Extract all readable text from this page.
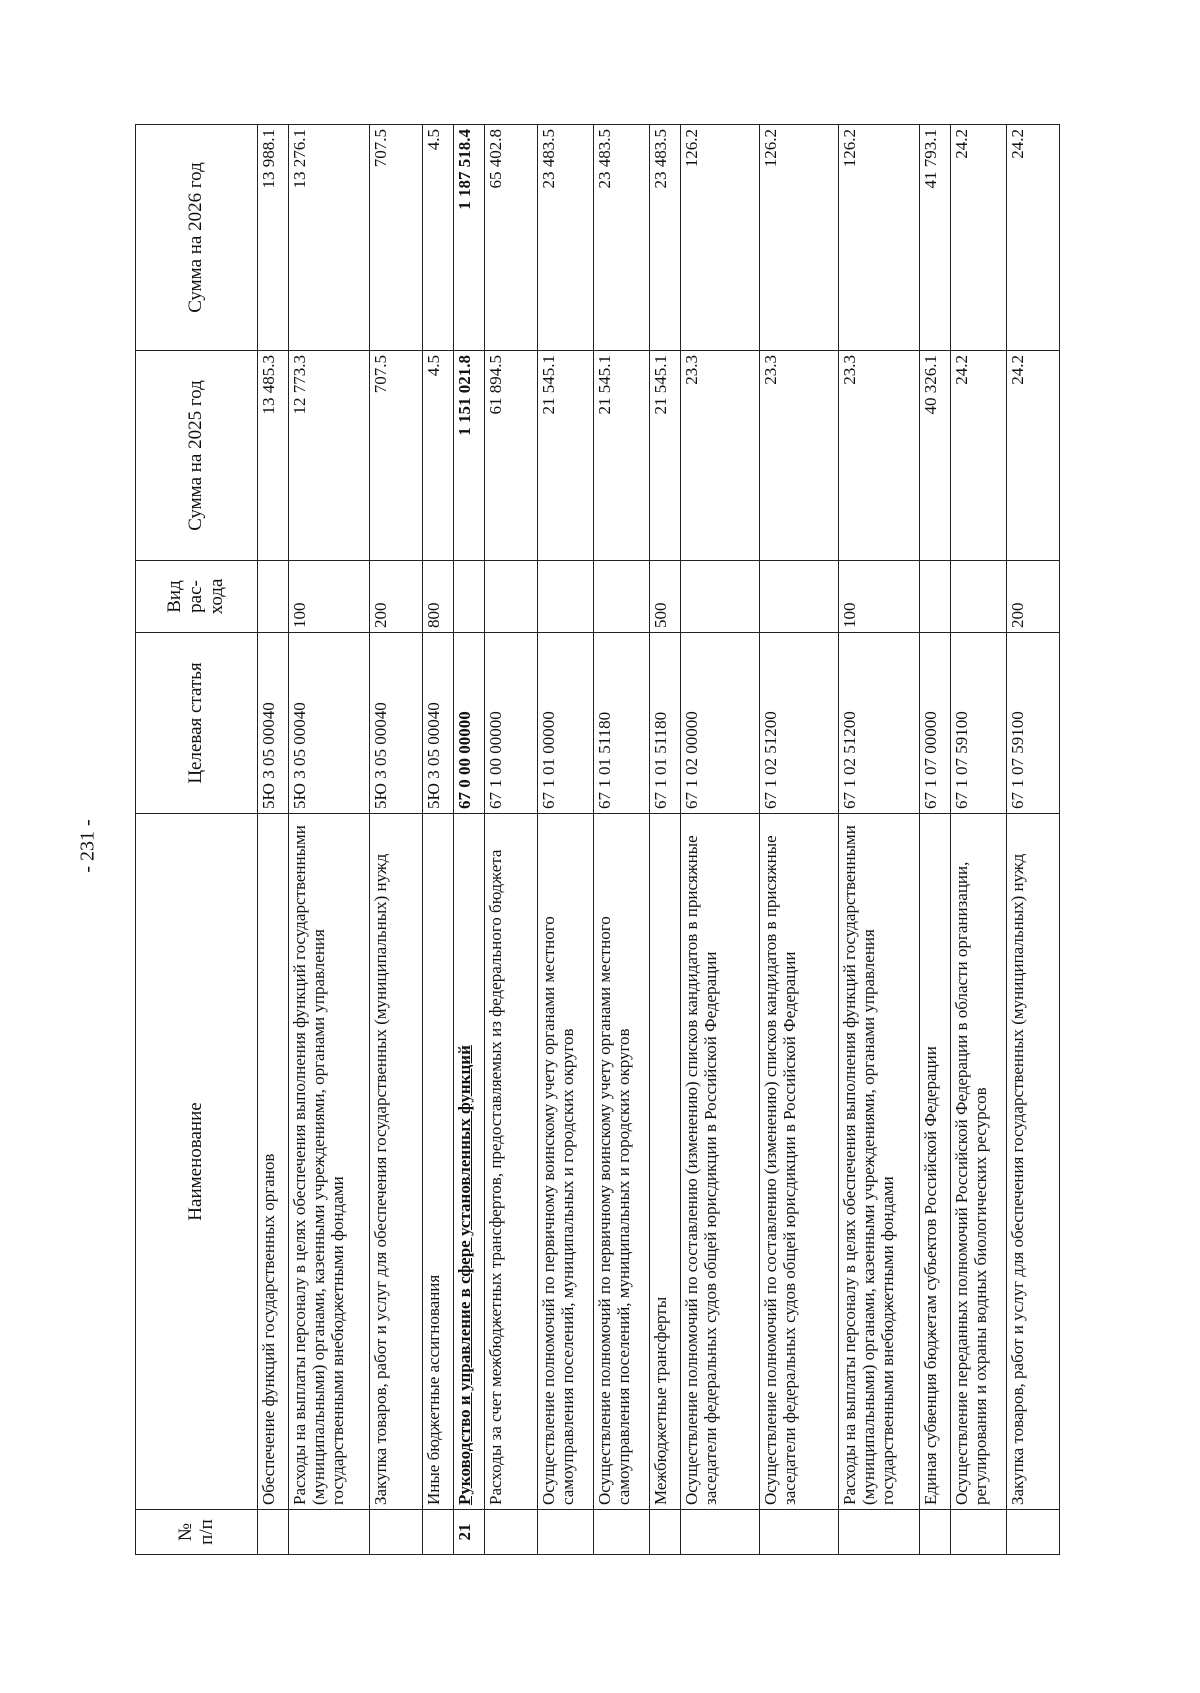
- 231 -
№ п/п	Наименование	Целевая статья	Вид рас- хода	Сумма на 2025 год	Сумма на 2026 год
	Обеспечение функций государственных органов	5Ю 3 05 00040		13 485.3	13 988.1
	Расходы на выплаты персоналу в целях обеспечения выполнения функций государственными (муниципальными) органами, казенными учреждениями, органами управления государственными внебюджетными фондами	5Ю 3 05 00040	100	12 773.3	13 276.1
	Закупка товаров, работ и услуг для обеспечения государственных (муниципальных) нужд	5Ю 3 05 00040	200	707.5	707.5
	Иные бюджетные ассигнования	5Ю 3 05 00040	800	4.5	4.5
21	Руководство и управление в сфере установленных функций	67 0 00 00000		1 151 021.8	1 187 518.4
	Расходы за счет межбюджетных трансфертов, предоставляемых из федерального бюджета	67 1 00 00000		61 894.5	65 402.8
	Осуществление полномочий по первичному воинскому учету органами местного самоуправления поселений, муниципальных и городских округов	67 1 01 00000		21 545.1	23 483.5
	Осуществление полномочий по первичному воинскому учету органами местного самоуправления поселений, муниципальных и городских округов	67 1 01 51180		21 545.1	23 483.5
	Межбюджетные трансферты	67 1 01 51180	500	21 545.1	23 483.5
	Осуществление полномочий по составлению (изменению) списков кандидатов в присяжные заседатели федеральных судов общей юрисдикции в Российской Федерации	67 1 02 00000		23.3	126.2
	Осуществление полномочий по составлению (изменению) списков кандидатов в присяжные заседатели федеральных судов общей юрисдикции в Российской Федерации	67 1 02 51200		23.3	126.2
	Расходы на выплаты персоналу в целях обеспечения выполнения функций государственными (муниципальными) органами, казенными учреждениями, органами управления государственными внебюджетными фондами	67 1 02 51200	100	23.3	126.2
	Единая субвенция бюджетам субъектов Российской Федерации	67 1 07 00000		40 326.1	41 793.1
	Осуществление переданных полномочий Российской Федерации в области организации, регулирования и охраны водных биологических ресурсов	67 1 07 59100		24.2	24.2
	Закупка товаров, работ и услуг для обеспечения государственных (муниципальных) нужд	67 1 07 59100	200	24.2	24.2
